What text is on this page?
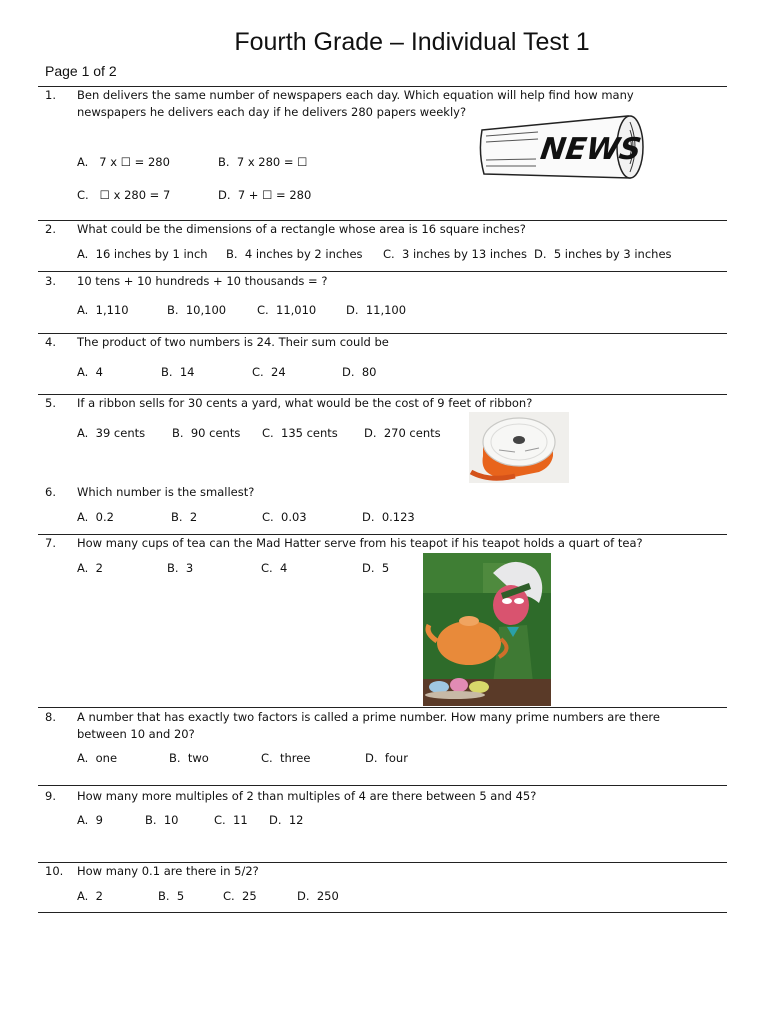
Fourth Grade – Individual Test 1
Page 1 of 2
1. Ben delivers the same number of newspapers each day. Which equation will help find how many
newspapers he delivers each day if he delivers 280 papers weekly?
A.   7 x ☐ = 280	B.  7 x 280 = ☐
C.   ☐ x 280 = 7	D.  7 + ☐ = 280
NEWS
2. What could be the dimensions of a rectangle whose area is 16 square inches?
A.  16 inches by 1 inch B.  4 inches by 2 inches C.  3 inches by 13 inches D.  5 inches by 3 inches
3. 10 tens + 10 hundreds + 10 thousands = ?
A.  1,110	B.  10,100	C.  11,010	D.  11,100
4. The product of two numbers is 24. Their sum could be
A.  4	B.  14	C.  24	D.  80
5. If a ribbon sells for 30 cents a yard, what would be the cost of 9 feet of ribbon?
A.  39 cents B.  90 cents C.  135 cents D.  270 cents
6. Which number is the smallest?
A.  0.2	B.  2	C.  0.03	D.  0.123
7. How many cups of tea can the Mad Hatter serve from his teapot if his teapot holds a quart of tea?
A.  2	B.  3	C.  4	D.  5
8. A number that has exactly two factors is called a prime number. How many prime numbers are there
between 10 and 20?
A.  one	B.  two	C.  three	D.  four
9. How many more multiples of 2 than multiples of 4 are there between 5 and 45?
A.  9	B.  10	C.  11 D.  12
10. How many 0.1 are there in 5/2?
A.  2	B.  5	C.  25	D.  250
